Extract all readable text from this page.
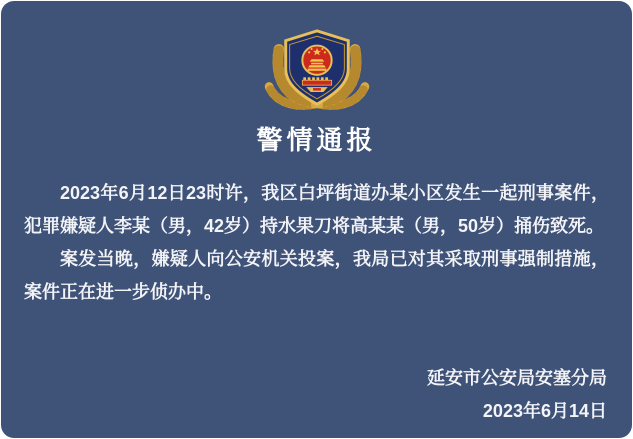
警情通报

2023年6月12日23时许，我区白坪街道办某小区发生一起刑事案件，犯罪嫌疑人李某（男，42岁）持水果刀将高某某（男，50岁）捅伤致死。

案发当晚，嫌疑人向公安机关投案，我局已对其采取刑事强制措施，案件正在进一步侦办中。

延安市公安局安塞分局
2023年6月14日
